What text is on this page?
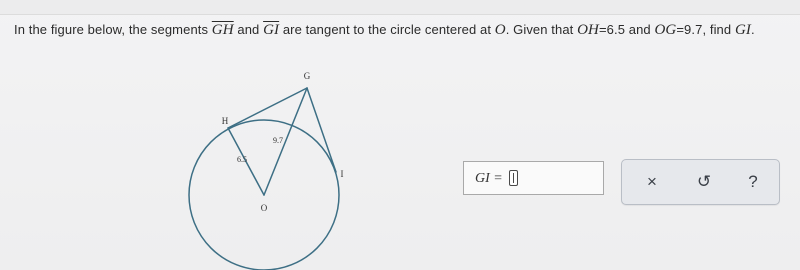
In the figure below, the segments $\overline{GH}$ and $\overline{GI}$ are tangent to the circle centered at O. Given that OH=6.5 and OG=9.7, find GI.
G
H
I
O
9.7
6.5
GI =	×	↺	?
